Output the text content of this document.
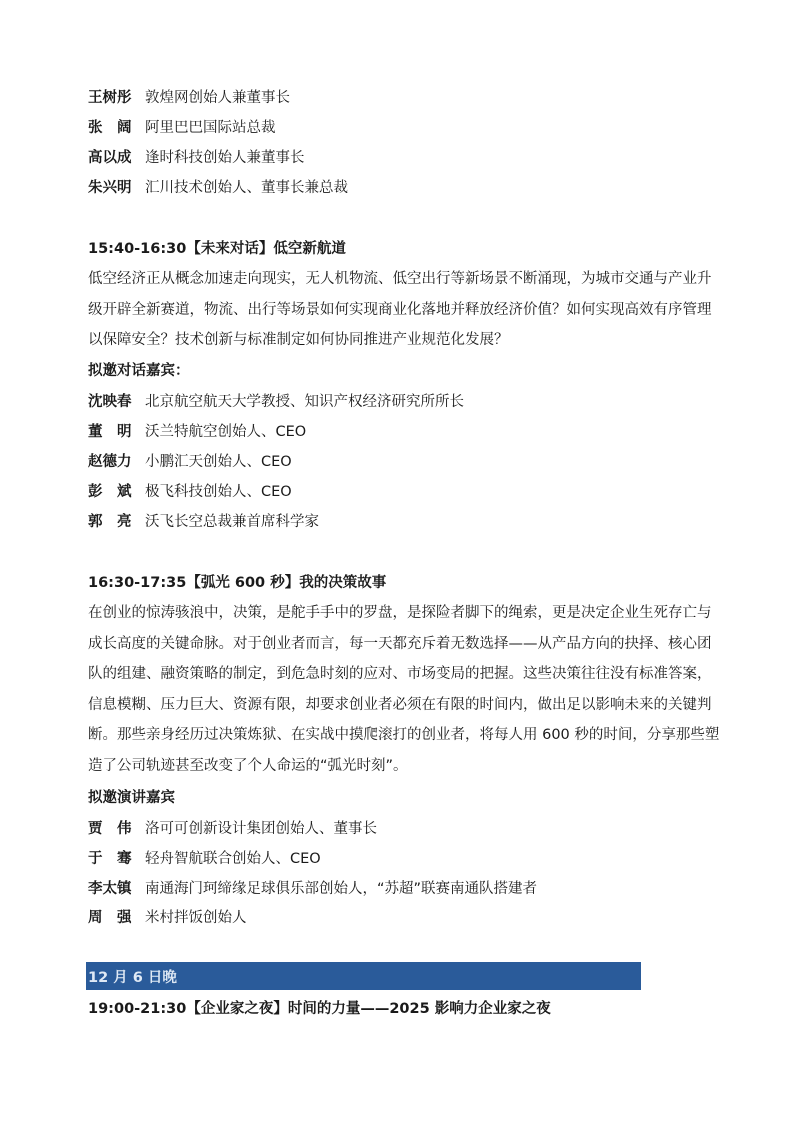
王树彤 敦煌网创始人兼董事长
张　阔 阿里巴巴国际站总裁
高以成 逢时科技创始人兼董事长
朱兴明 汇川技术创始人、董事长兼总裁
15:40-16:30【未来对话】低空新航道
低空经济正从概念加速走向现实，无人机物流、低空出行等新场景不断涌现，为城市交通与产业升
级开辟全新赛道，物流、出行等场景如何实现商业化落地并释放经济价值？如何实现高效有序管理
以保障安全？技术创新与标准制定如何协同推进产业规范化发展？
拟邀对话嘉宾：
沈映春 北京航空航天大学教授、知识产权经济研究所所长
董　明 沃兰特航空创始人、CEO
赵德力 小鹏汇天创始人、CEO
彭　斌 极飞科技创始人、CEO
郭　亮 沃飞长空总裁兼首席科学家
16:30-17:35【弧光 600 秒】我的决策故事
在创业的惊涛骇浪中，决策，是舵手手中的罗盘，是探险者脚下的绳索，更是决定企业生死存亡与
成长高度的关键命脉。对于创业者而言，每一天都充斥着无数选择——从产品方向的抉择、核心团
队的组建、融资策略的制定，到危急时刻的应对、市场变局的把握。这些决策往往没有标准答案，
信息模糊、压力巨大、资源有限，却要求创业者必须在有限的时间内，做出足以影响未来的关键判
断。那些亲身经历过决策炼狱、在实战中摸爬滚打的创业者，将每人用 600 秒的时间，分享那些塑
造了公司轨迹甚至改变了个人命运的“弧光时刻”。
拟邀演讲嘉宾
贾　伟 洛可可创新设计集团创始人、董事长
于　骞 轻舟智航联合创始人、CEO
李太镇 南通海门珂缔缘足球俱乐部创始人，“苏超”联赛南通队搭建者
周　强 米村拌饭创始人
12 月 6 日晚
19:00-21:30【企业家之夜】时间的力量——2025 影响力企业家之夜
